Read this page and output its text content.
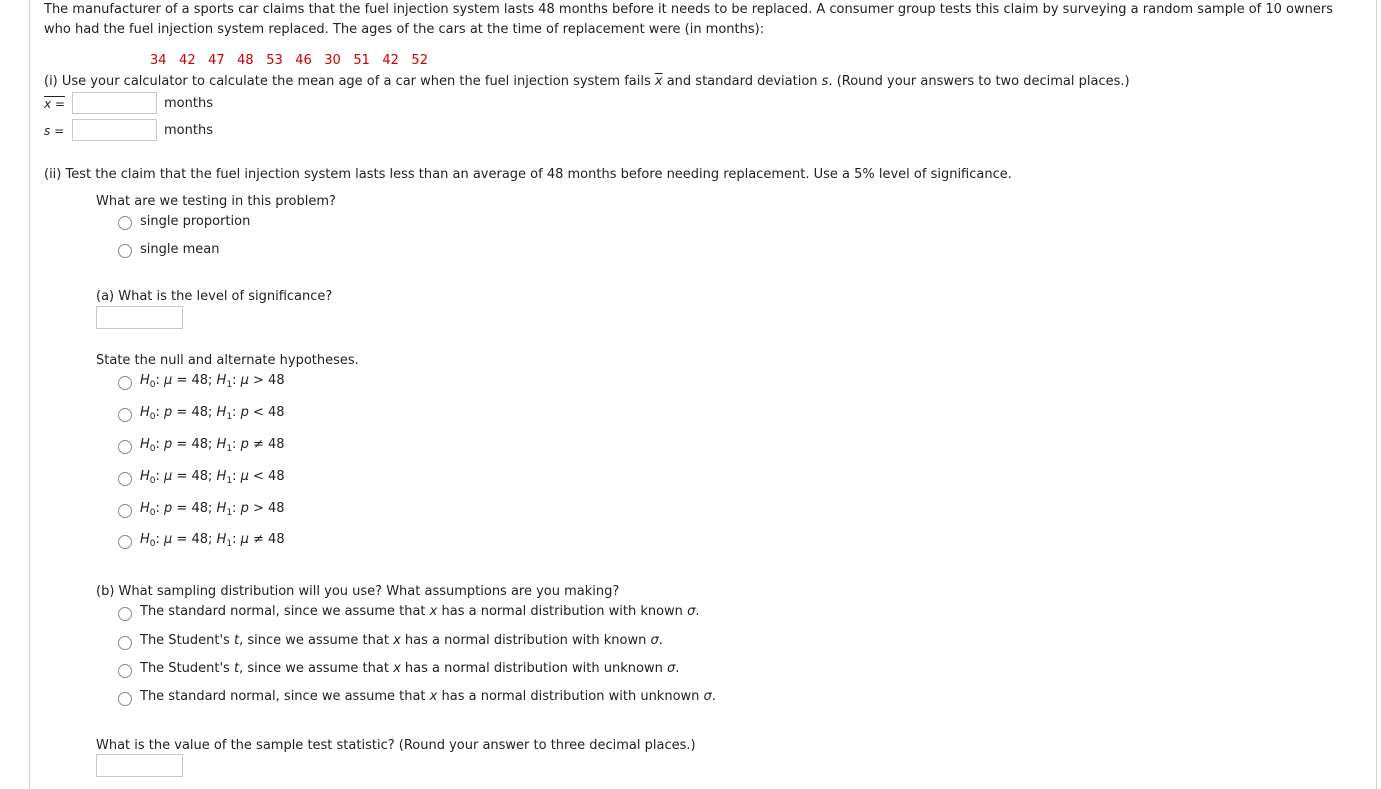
The manufacturer of a sports car claims that the fuel injection system lasts 48 months before it needs to be replaced. A consumer group tests this claim by surveying a random sample of 10 owners who had the fuel injection system replaced. The ages of the cars at the time of replacement were (in months):
34 42 47 48 53 46 30 51 42 52
(i) Use your calculator to calculate the mean age of a car when the fuel injection system fails $\overline{x}$ and standard deviation s. (Round your answers to two decimal places.)
x =	months
s =	months
(ii) Test the claim that the fuel injection system lasts less than an average of 48 months before needing replacement. Use a 5% level of significance.
What are we testing in this problem?
single proportion
single mean
(a) What is the level of significance?
State the null and alternate hypotheses.
$H_0$: μ = 48; $H_1$: μ > 48
$H_0$: p = 48; $H_1$: p < 48
$H_0$: p = 48; $H_1$: p ≠ 48
$H_0$: μ = 48; $H_1$: μ < 48
$H_0$: p = 48; $H_1$: p > 48
$H_0$: μ = 48; $H_1$: μ ≠ 48
(b) What sampling distribution will you use? What assumptions are you making?
The standard normal, since we assume that x has a normal distribution with known σ.
The Student's t, since we assume that x has a normal distribution with known σ.
The Student's t, since we assume that x has a normal distribution with unknown σ.
The standard normal, since we assume that x has a normal distribution with unknown σ.
What is the value of the sample test statistic? (Round your answer to three decimal places.)
